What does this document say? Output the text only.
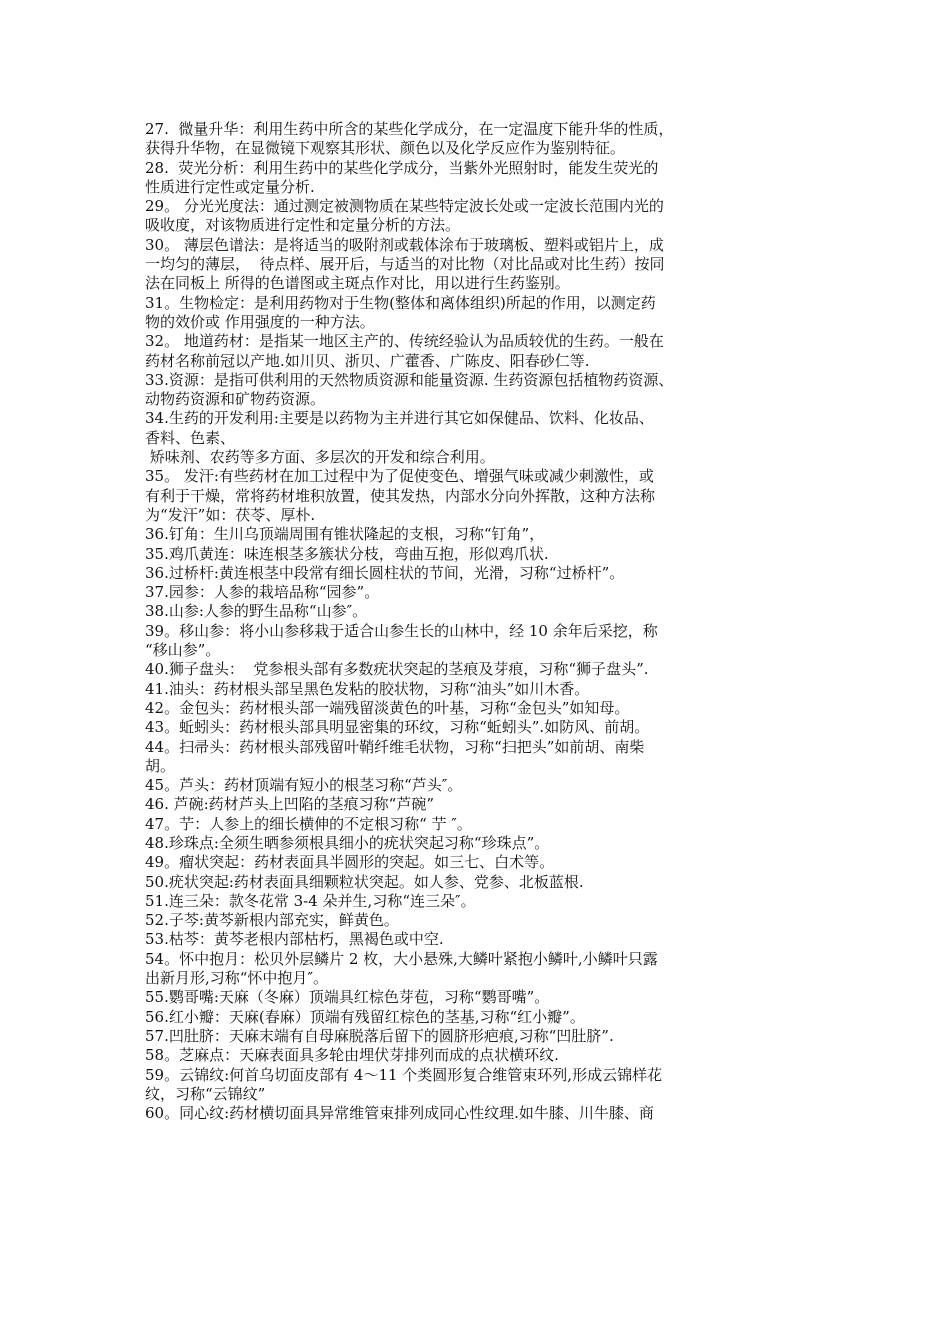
27.  微量升华：利用生药中所含的某些化学成分，在一定温度下能升华的性质，
获得升华物，在显微镜下观察其形状、颜色以及化学反应作为鉴别特征。
28.  荧光分析：利用生药中的某些化学成分，当紫外光照射时，能发生荧光的
性质进行定性或定量分析.
29。 分光光度法：通过测定被测物质在某些特定波长处或一定波长范围内光的
吸收度，对该物质进行定性和定量分析的方法。
30。 薄层色谱法：是将适当的吸附剂或载体涂布于玻璃板、塑料或铝片上，成
一均匀的薄层，  待点样、展开后，与适当的对比物（对比品或对比生药）按同
法在同板上 所得的色谱图或主斑点作对比，用以进行生药鉴别。
31。生物检定：是利用药物对于生物(整体和离体组织)所起的作用，以测定药
物的效价或 作用强度的一种方法。
32。 地道药材：是指某一地区主产的、传统经验认为品质较优的生药。一般在
药材名称前冠以产地.如川贝、浙贝、广藿香、广陈皮、阳春砂仁等.
33.资源：是指可供利用的天然物质资源和能量资源. 生药资源包括植物药资源、
动物药资源和矿物药资源。
34.生药的开发利用:主要是以药物为主并进行其它如保健品、饮料、化妆品、
香料、色素、
矫味剂、农药等多方面、多层次的开发和综合利用。
35。 发汗:有些药材在加工过程中为了促使变色、增强气味或减少刺激性，或
有利于干燥，常将药材堆积放置，使其发热，内部水分向外挥散，这种方法称
为“发汗”如：茯苓、厚朴.
36.钉角：生川乌顶端周围有锥状隆起的支根，习称“钉角”，
35.鸡爪黄连：味连根茎多簇状分枝，弯曲互抱，形似鸡爪状.
36.过桥杆:黄连根茎中段常有细长圆柱状的节间，光滑，习称“过桥杆”。
37.园参：人参的栽培品称“园参”。
38.山参:人参的野生品称“山参″。
39。移山参：将小山参移栽于适合山参生长的山林中，经 10 余年后采挖，称
“移山参”。
40.狮子盘头：  党参根头部有多数疣状突起的茎痕及芽痕，习称“狮子盘头”.
41.油头：药材根头部呈黑色发粘的胶状物，习称“油头”如川木香。
42。金包头：药材根头部一端残留淡黄色的叶基，习称“金包头”如知母。
43。蚯蚓头：药材根头部具明显密集的环纹，习称“蚯蚓头”.如防风、前胡。
44。扫帚头：药材根头部残留叶鞘纤维毛状物，习称“扫把头”如前胡、南柴
胡。
45。芦头：药材顶端有短小的根茎习称“芦头″。
46. 芦碗:药材芦头上凹陷的茎痕习称“芦碗”
47。艼：人参上的细长横伸的不定根习称“ 艼 ″。
48.珍珠点:全须生晒参须根具细小的疣状突起习称“珍珠点”。
49。瘤状突起：药材表面具半圆形的突起。如三七、白术等。
50.疣状突起:药材表面具细颗粒状突起。如人参、党参、北板蓝根.
51.连三朵：款冬花常 3-4 朵并生,习称“连三朵″。
52.子芩:黄芩新根内部充实，鲜黄色。
53.枯芩：黄芩老根内部枯朽，黑褐色或中空.
54。怀中抱月：松贝外层鳞片 2 枚，大小悬殊,大鳞叶紧抱小鳞叶,小鳞叶只露
出新月形,习称“怀中抱月″。
55.鹦哥嘴:天麻（冬麻）顶端具红棕色芽苞，习称“鹦哥嘴”。
56.红小瓣：天麻(春麻）顶端有残留红棕色的茎基,习称“红小瓣”。
57.凹肚脐：天麻末端有自母麻脱落后留下的圆脐形疤痕,习称“凹肚脐”.
58。芝麻点：天麻表面具多轮由埋伏芽排列而成的点状横环纹.
59。云锦纹:何首乌切面皮部有 4～11 个类圆形复合维管束环列,形成云锦样花
纹，习称“云锦纹”
60。同心纹:药材横切面具异常维管束排列成同心性纹理.如牛膝、川牛膝、商
